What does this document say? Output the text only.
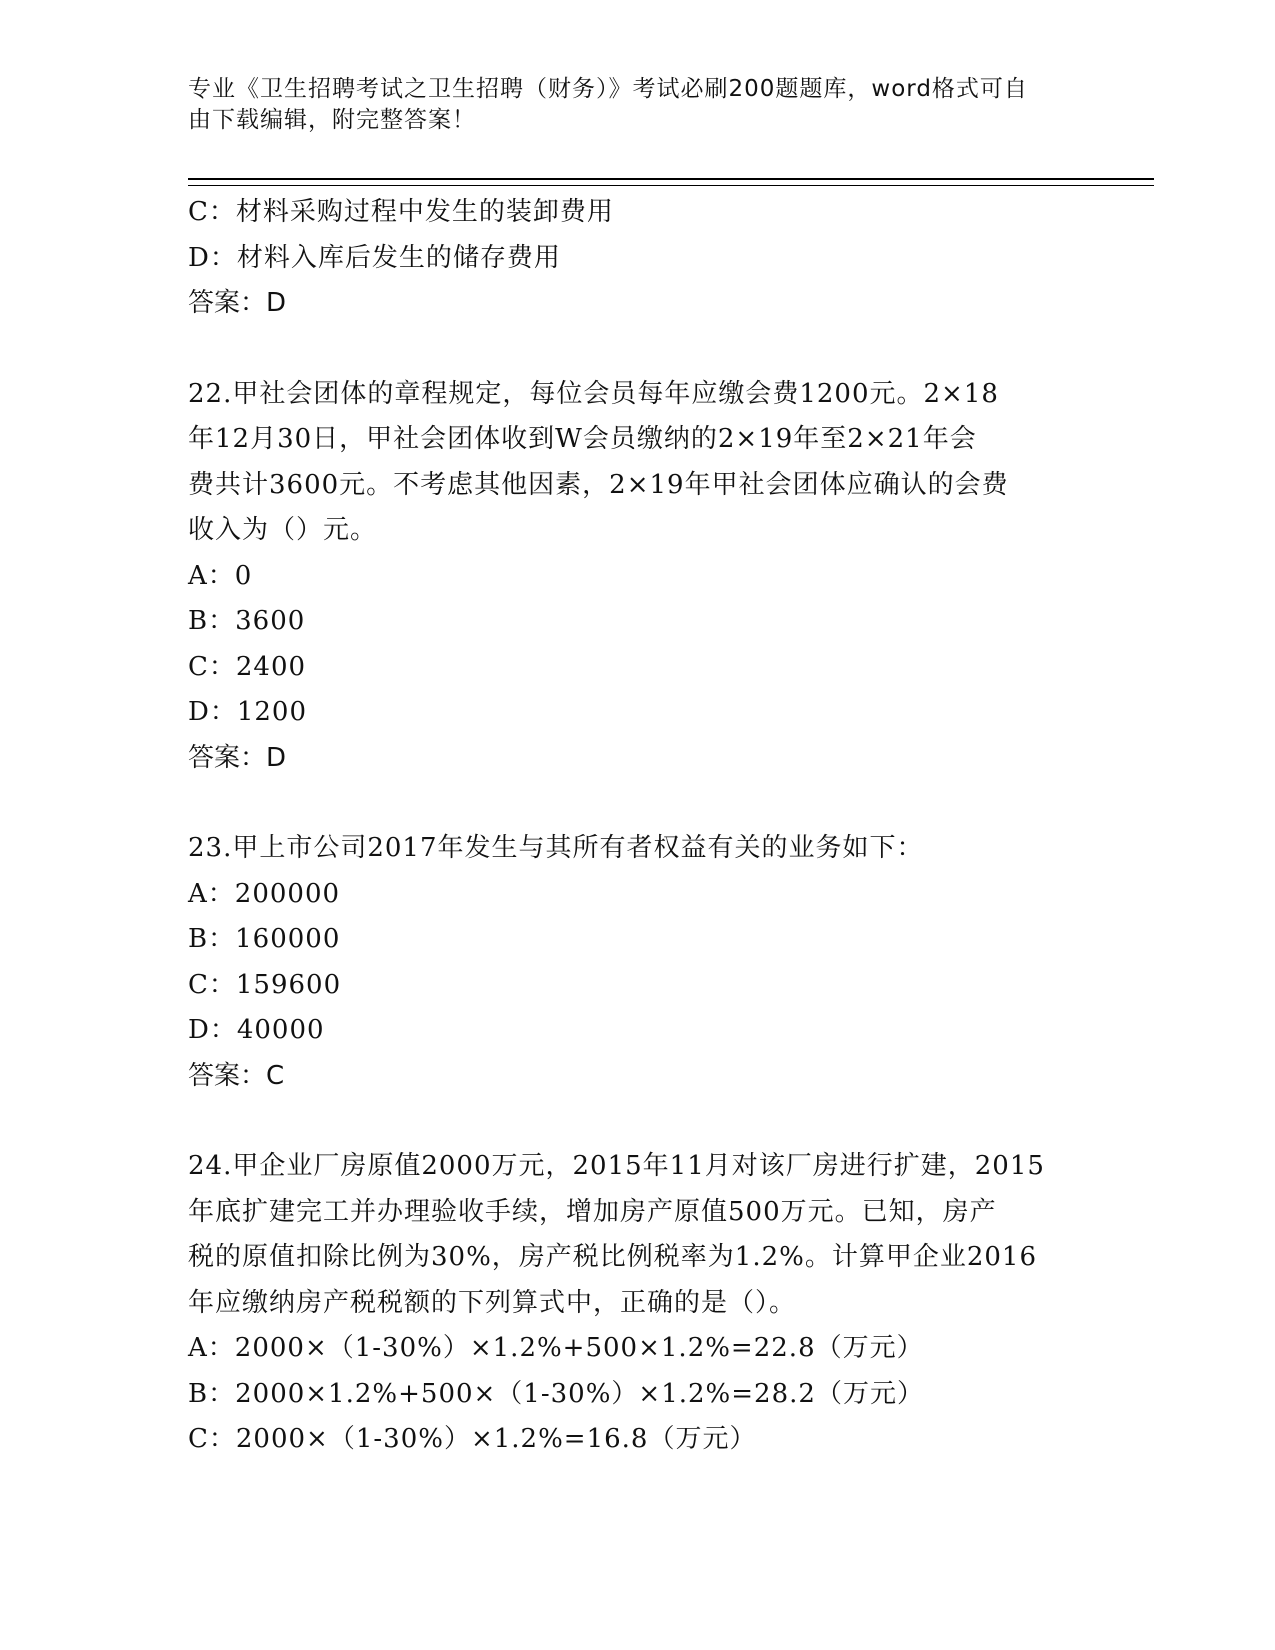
专业《卫生招聘考试之卫生招聘（财务）》考试必刷200题题库，word格式可自
由下载编辑，附完整答案！
C：材料采购过程中发生的装卸费用
D：材料入库后发生的储存费用
答案：D
22.甲社会团体的章程规定，每位会员每年应缴会费1200元。2×18
年12月30日，甲社会团体收到W会员缴纳的2×19年至2×21年会
费共计3600元。不考虑其他因素，2×19年甲社会团体应确认的会费
收入为（）元。
A：0
B：3600
C：2400
D：1200
答案：D
23.甲上市公司2017年发生与其所有者权益有关的业务如下：
A：200000
B：160000
C：159600
D：40000
答案：C
24.甲企业厂房原值2000万元，2015年11月对该厂房进行扩建，2015
年底扩建完工并办理验收手续，增加房产原值500万元。已知，房产
税的原值扣除比例为30%，房产税比例税率为1.2%。计算甲企业2016
年应缴纳房产税税额的下列算式中，正确的是（）。
A：2000×（1-30%）×1.2%+500×1.2%=22.8（万元）
B：2000×1.2%+500×（1-30%）×1.2%=28.2（万元）
C：2000×（1-30%）×1.2%=16.8（万元）
